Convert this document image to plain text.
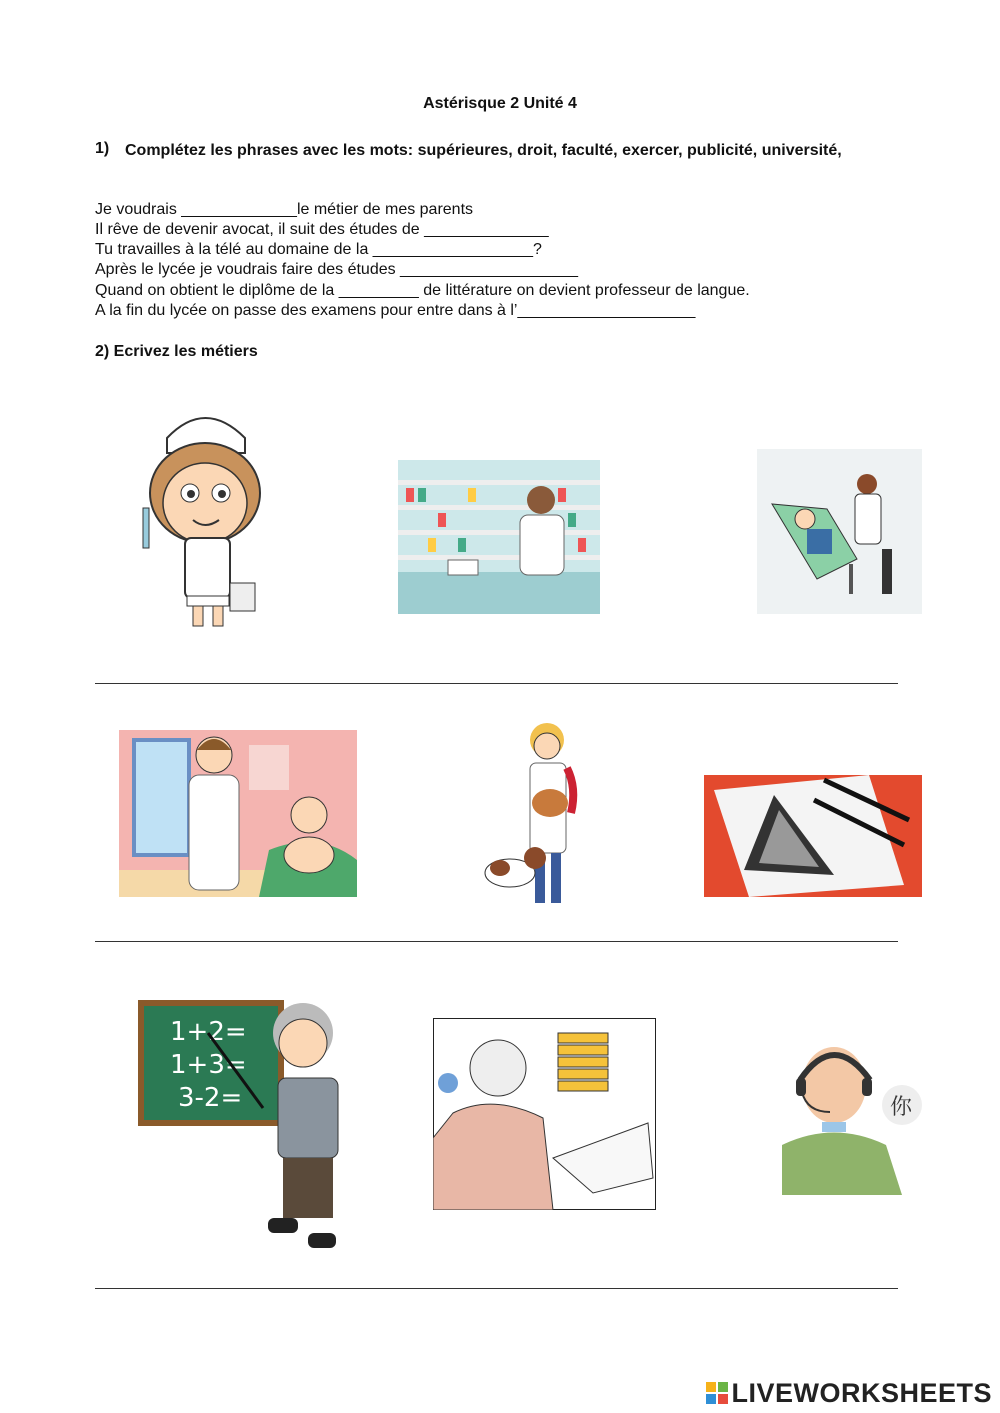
Astérisque 2 Unité 4
1) Complétez les phrases avec les mots: supérieures, droit, faculté, exercer, publicité, université,
Je voudrais _____________le métier de mes parents
Il rêve de devenir avocat, il suit des études de ______________
Tu travailles à la télé au domaine de la __________________?
Après le lycée je voudrais faire des études ____________________
Quand on obtient le diplôme de la _________ de littérature on devient professeur de langue.
A la fin du lycée on passe des examens pour entre dans à l’____________________
2) Ecrivez les métiers
1+2=
1+3=
3-2=	你
LIVEWORKSHEETS
